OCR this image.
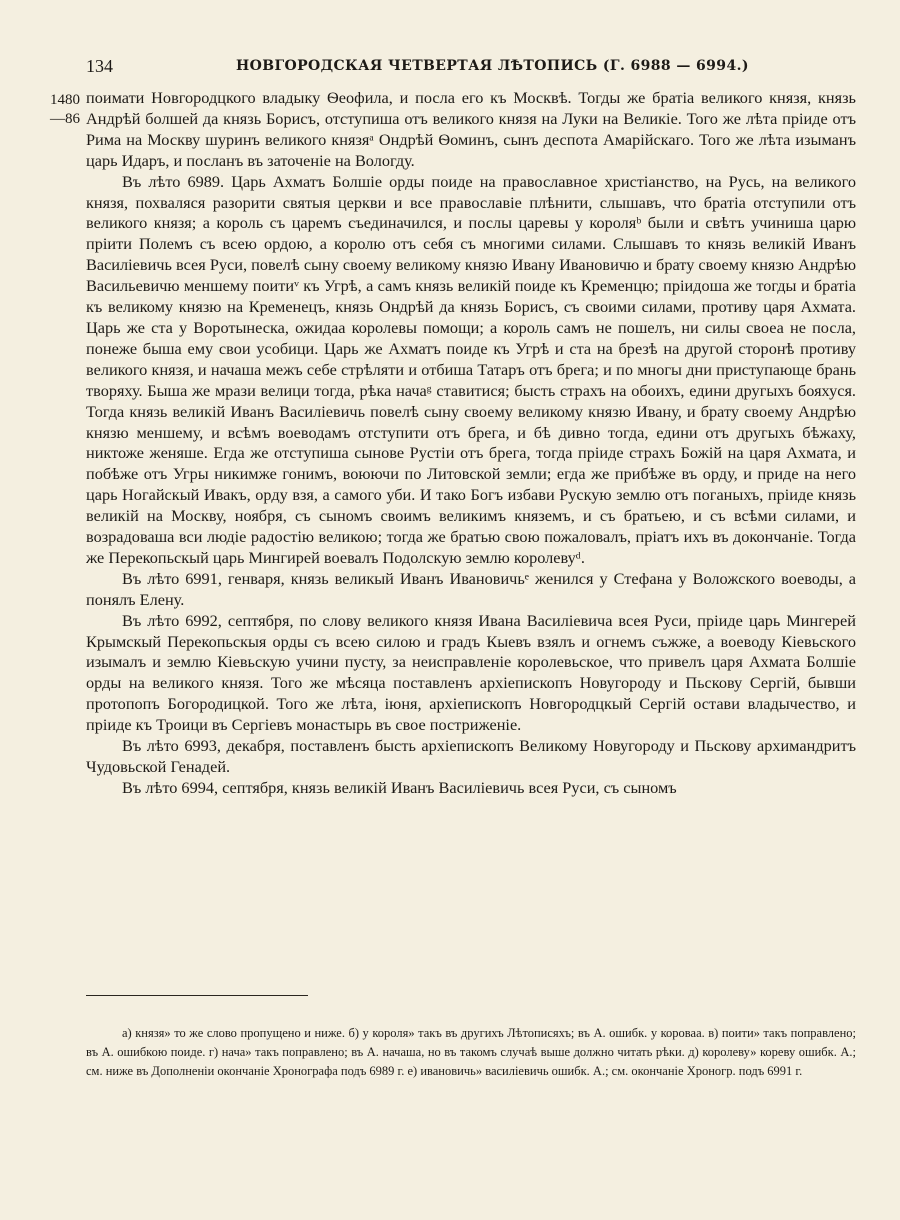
134	НОВГОРОДСКАЯ ЧЕТВЕРТАЯ ЛѢТОПИСЬ (Г. 6988 — 6994.)
1480
—86

поимати Новгородцкого владыку Ѳеофила, и посла его къ Москвѣ. Тогды же братіа великого князя, князь Андрѣй болшей да князь Борисъ, отступиша отъ великого князя на Луки на Великіе. Того же лѣта пріиде отъ Рима на Москву шуринъ великого князяᵃ Ондрѣй Ѳоминъ, сынъ деспота Амарійскаго. Того же лѣта изыманъ царь Идаръ, и посланъ въ заточеніе на Вологду.

Въ лѣто 6989. Царь Ахматъ Болшіе орды поиде на православное христіанство, на Русь, на великого князя, похваляся разорити святыя церкви и все православіе плѣнити, слышавъ, что братіа отступили отъ великого князя; а король съ царемъ съединачился, и послы царевы у короляᵇ были и свѣтъ учиниша царю пріити Полемъ съ всею ордою, а королю отъ себя съ многими силами. Слышавъ то князь великій Иванъ Василіевичь всея Руси, повелѣ сыну своему великому князю Ивану Ивановичю и брату своему князю Андрѣю Васильевичю меншему поитиᵛ къ Угрѣ, а самъ князь великій поиде къ Кременцю; пріидоша же тогды и братіа къ великому князю на Кременецъ, князь Ондрѣй да князь Борисъ, съ своими силами, противу царя Ахмата. Царь же ста у Воротынеска, ожидаа королевы помощи; а король самъ не пошелъ, ни силы своеа не посла, понеже быша ему свои усобици. Царь же Ахматъ поиде къ Угрѣ и ста на брезѣ на другой сторонѣ противу великого князя, и начаша межъ себе стрѣляти и отбиша Татаръ отъ брега; и по многы дни приступающе брань творяху. Быша же мрази велици тогда, рѣка начаᵍ ставитися; бысть страхъ на обоихъ, едини другыхъ бояхуся. Тогда князь великій Иванъ Василіевичь повелѣ сыну своему великому князю Ивану, и брату своему Андрѣю князю меншему, и всѣмъ воеводамъ отступити отъ брега, и бѣ дивно тогда, едини отъ другыхъ бѣжаху, никтоже женяше. Егда же отступиша сынове Рустіи отъ брега, тогда пріиде страхъ Божій на царя Ахмата, и побѣже отъ Угры никимже гонимъ, воюючи по Литовской земли; егда же прибѣже въ орду, и приде на него царь Ногайскый Ивакъ, орду взя, а самого уби. И тако Богъ избави Рускую землю отъ поганыхъ, пріиде князь великій на Москву, ноября, съ сыномъ своимъ великимъ княземъ, и съ братьею, и съ всѣми силами, и возрадоваша вси людіе радостію великою; тогда же братью свою пожаловалъ, пріатъ ихъ въ докончаніе. Тогда же Перекопьскый царь Мингирей воевалъ Подолскую землю королевуᵈ.

Въ лѣто 6991, генваря, князь великый Иванъ Ивановичьᵉ женился у Стефана у Воложского воеводы, а понялъ Елену.

Въ лѣто 6992, септября, по слову великого князя Ивана Василіевича всея Руси, пріиде царь Мингерей Крымскый Перекопьскыя орды съ всею силою и градъ Кыевъ взялъ и огнемъ съжже, а воеводу Кіевьского изымалъ и землю Кіевьскую учини пусту, за неисправленіе королевьское, что привелъ царя Ахмата Болшіе орды на великого князя. Того же мѣсяца поставленъ архіепископъ Новугороду и Пьскову Сергій, бывши протопопъ Богородицкой. Того же лѣта, іюня, архіепископъ Новгородцкый Сергій остави владычество, и пріиде къ Троици въ Сергіевъ монастырь въ свое постриженіе.

Въ лѣто 6993, декабря, поставленъ бысть архіепископъ Великому Новугороду и Пьскову архимандритъ Чудовьской Генадей.

Въ лѣто 6994, септября, князь великій Иванъ Василіевичь всея Руси, съ сыномъ

а) князя» то же слово пропущено и ниже. б) у короля» такъ въ другихъ Лѣтописяхъ; въ А. ошибк. у короваа. в) поити» такъ поправлено; въ А. ошибкою поиде. г) нача» такъ поправлено; въ А. начаша, но въ такомъ случаѣ выше должно читать рѣки. д) королеву» кореву ошибк. А.; см. ниже въ Дополненіи окончаніе Хронографа подъ 6989 г. е) ивановичь» василіевичь ошибк. А.; см. окончаніе Хроногр. подъ 6991 г.
